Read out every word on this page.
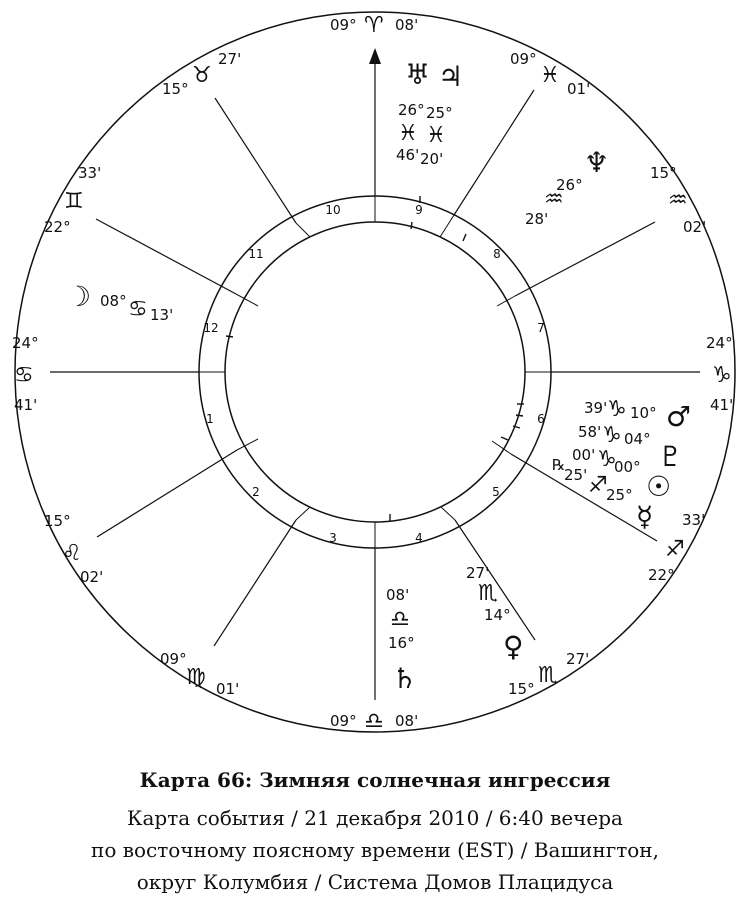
1
2
3	4
5
6
7
8
9
10
11
12
09° ♈ 08'
09° ♎ 08'
09°
♓
01'
15°
♒
02'
24°
♑
41'
33'
♐
22°
27'
♏
15°
09°
♍ 01'
15°
♌
02'
24°
♋
41'
33'
♊
22°
15°
♉
27'	♅ ♃
26° 25°
♓ ♓
46' 20'	♆
26°
♒
28'
☽ 08° ♋ 13'
39' ♑ 10° ♂
58' ♑ 04°
♇
00' ♑
00°
☉
℞
25' ♐
25°
☿
27'
♏
14°
♀
08'
♎
16°
♄
Карта 66: Зимняя солнечная ингрессия
Карта события / 21 декабря 2010 / 6:40 вечера
по восточному поясному времени (EST) / Вашингтон,
округ Колумбия / Система Домов Плацидуса
